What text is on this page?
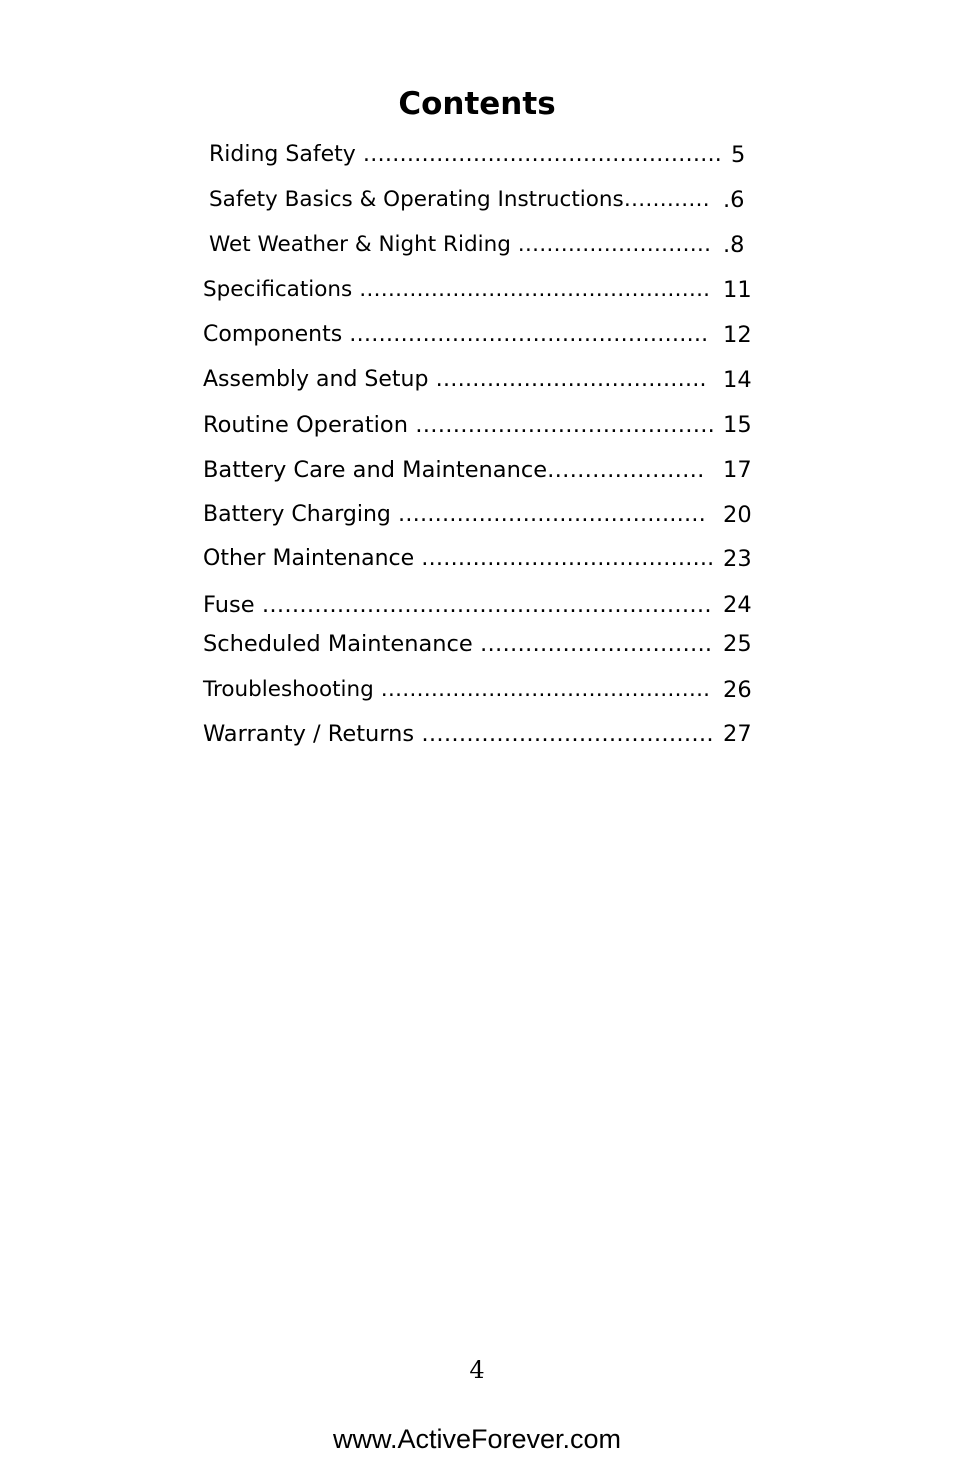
Contents
Riding Safety …………………………………………. 5
Safety Basics & Operating Instructions………… .6
Wet Weather & Night Riding ……………………… .8
Specifications …………………………………………. 11
Components …………………………………………. 12
Assembly and Setup ………………………………. 14
Routine Operation …………………………………. 15
Battery Care and Maintenance………………… 17
Battery Charging …………………………………… 20
Other Maintenance …………………………………. 23
Fuse …………………………………………………… 24
Scheduled Maintenance …………………………. 25
Troubleshooting ………………………………………. 26
Warranty / Returns ………………………………… 27
4
www.ActiveForever.com
